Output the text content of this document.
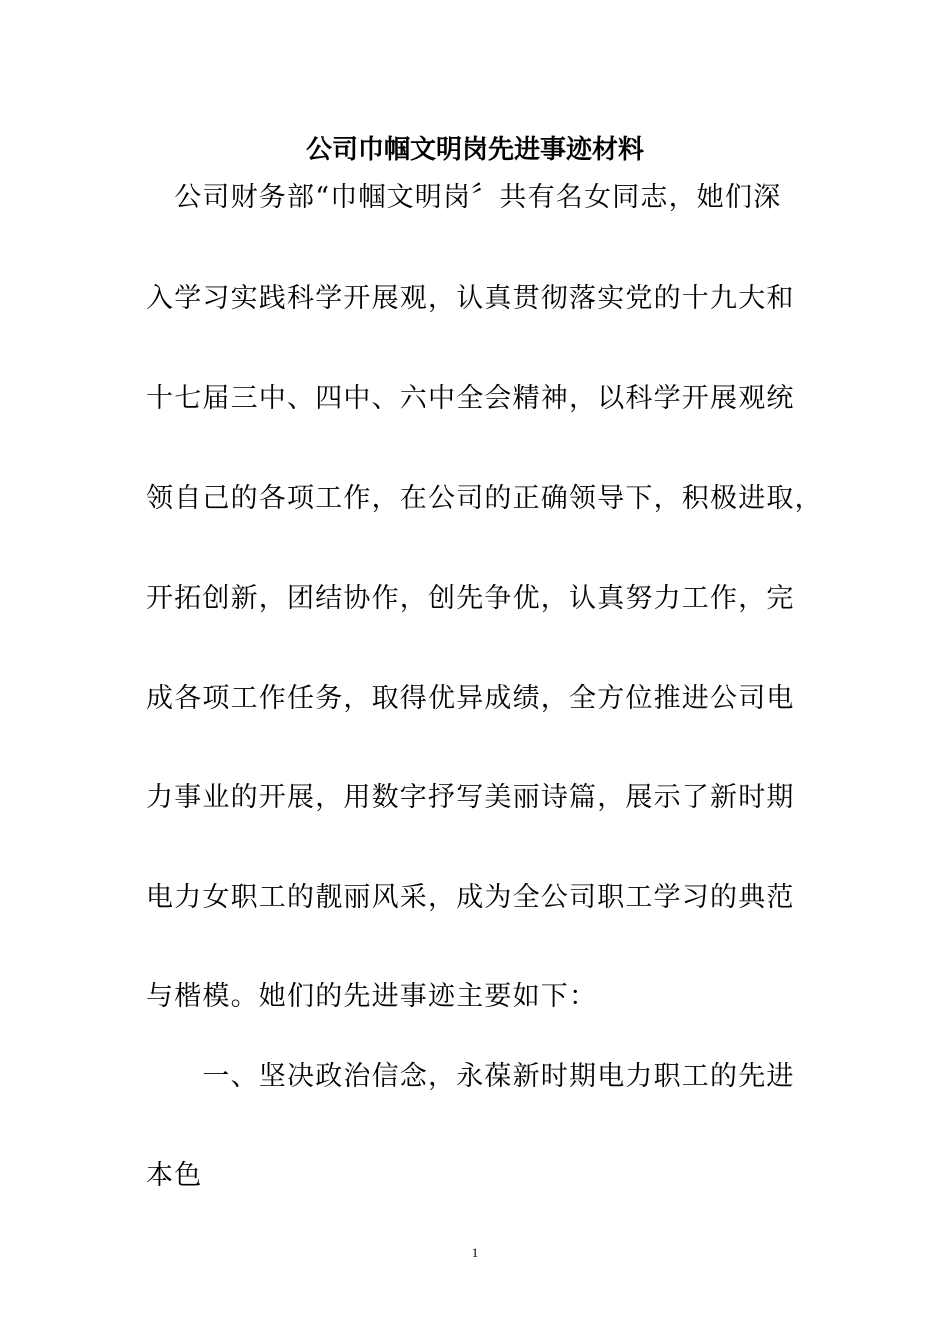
公司巾帼文明岗先进事迹材料
　公司财务部“巾帼文明岗〞共有名女同志，她们深
入学习实践科学开展观，认真贯彻落实党的十九大和
十七届三中、四中、六中全会精神，以科学开展观统
领自己的各项工作，在公司的正确领导下，积极进取，
开拓创新，团结协作，创先争优，认真努力工作，完
成各项工作任务，取得优异成绩，全方位推进公司电
力事业的开展，用数字抒写美丽诗篇，展示了新时期
电力女职工的靓丽风采，成为全公司职工学习的典范
与楷模。她们的先进事迹主要如下：
　　一、坚决政治信念，永葆新时期电力职工的先进
本色
1
